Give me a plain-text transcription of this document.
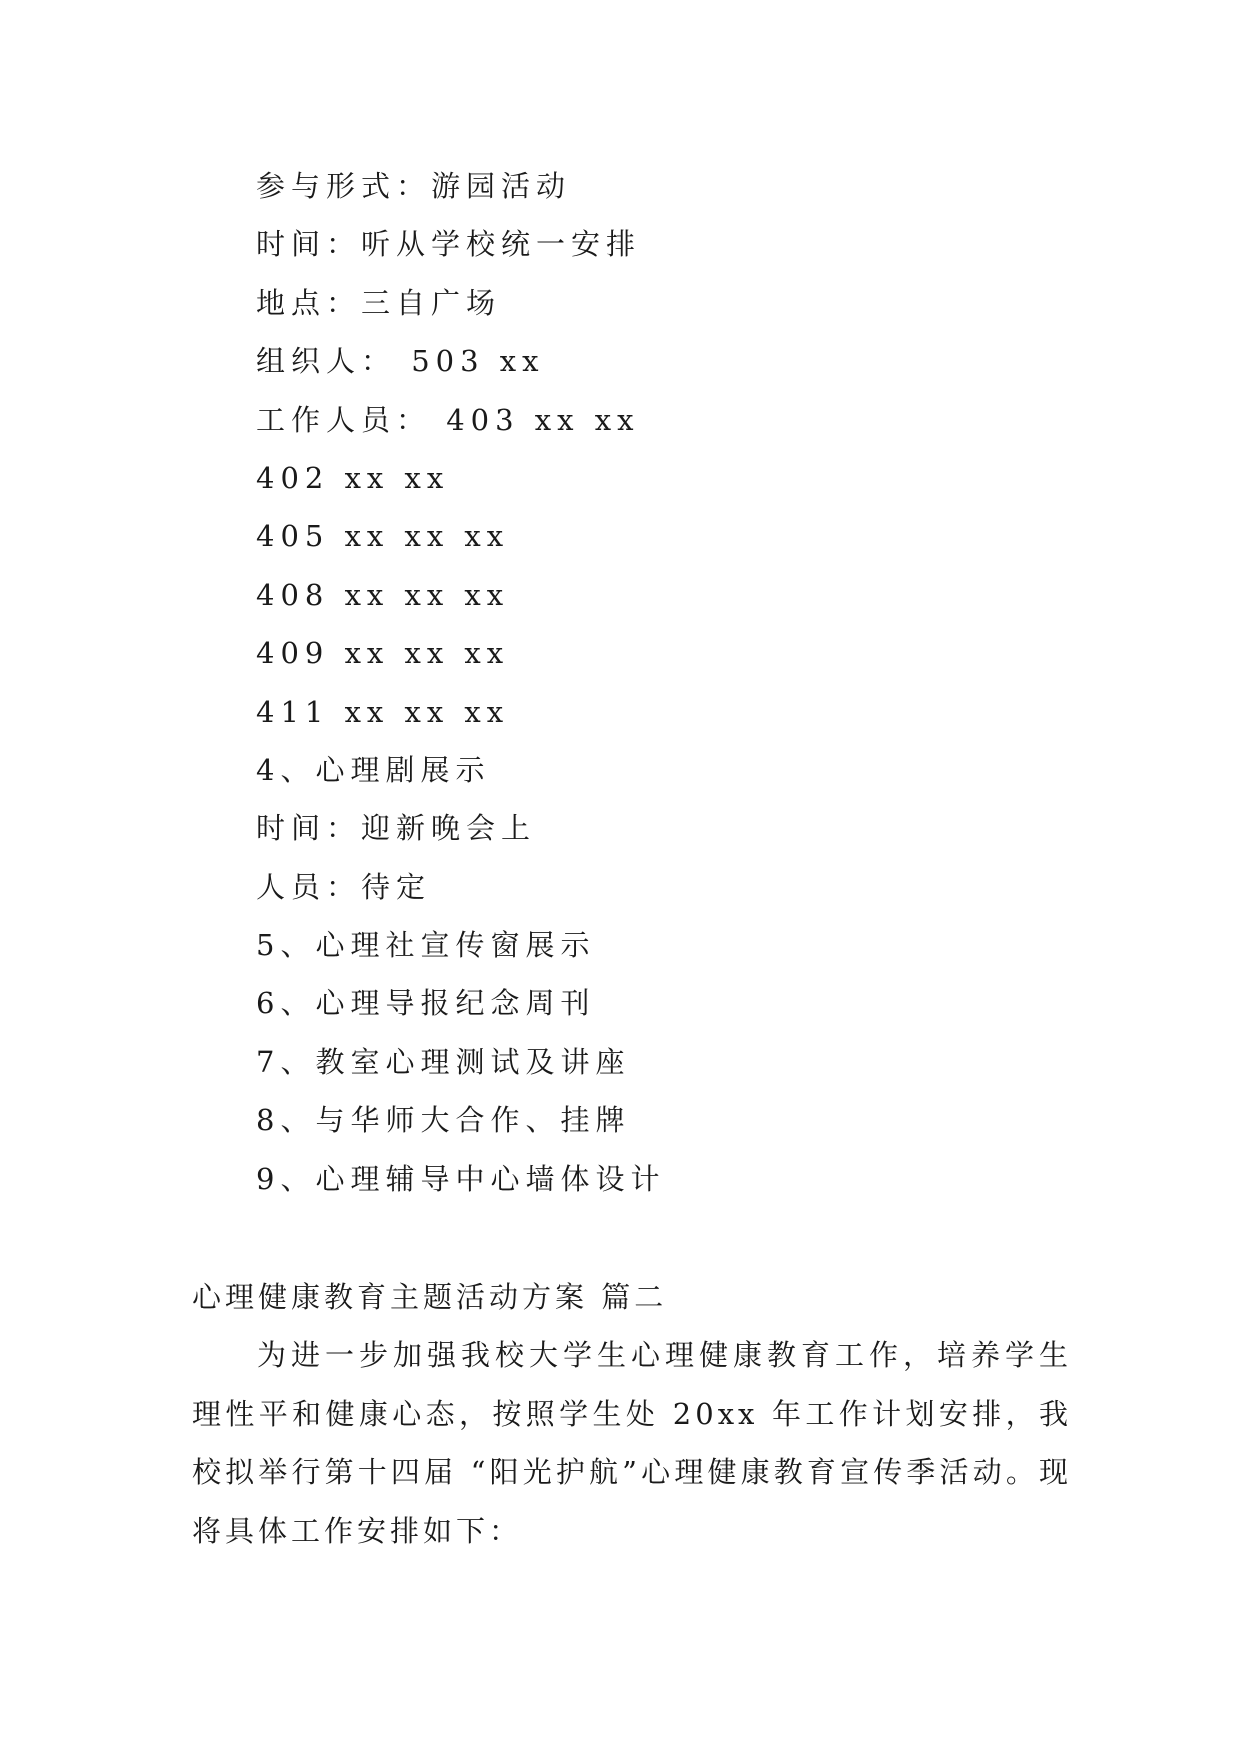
参与形式：游园活动
时间：听从学校统一安排
地点：三自广场
组织人： 503 xx
工作人员： 403 xx xx
402 xx xx
405 xx xx xx
408 xx xx xx
409 xx xx xx
411 xx xx xx
4、心理剧展示
时间：迎新晚会上
人员：待定
5、心理社宣传窗展示
6、心理导报纪念周刊
7、教室心理测试及讲座
8、与华师大合作、挂牌
9、心理辅导中心墙体设计
心理健康教育主题活动方案 篇二

为进一步加强我校大学生心理健康教育工作，培养学生理性平和健康心态，按照学生处 20xx 年工作计划安排，我校拟举行第十四届 “阳光护航”心理健康教育宣传季活动。现将具体工作安排如下：
